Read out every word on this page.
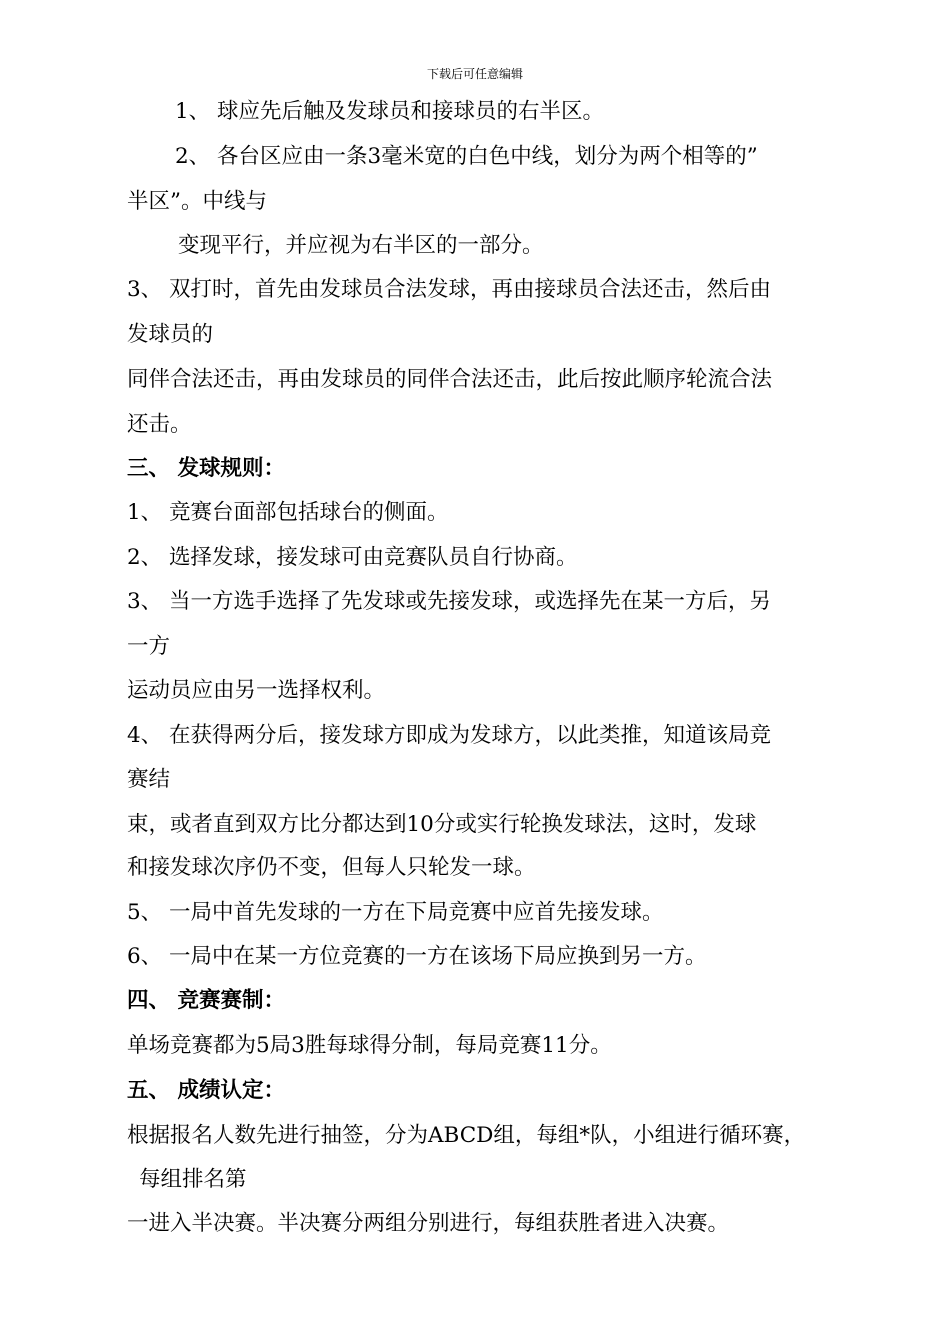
下载后可任意编辑
1、 球应先后触及发球员和接球员的右半区。
2、 各台区应由一条3毫米宽的白色中线，划分为两个相等的”
半区”。中线与
变现平行，并应视为右半区的一部分。
3、 双打时，首先由发球员合法发球，再由接球员合法还击，然后由
发球员的
同伴合法还击，再由发球员的同伴合法还击，此后按此顺序轮流合法
还击。
三、 发球规则：
1、 竞赛台面部包括球台的侧面。
2、 选择发球，接发球可由竞赛队员自行协商。
3、 当一方选手选择了先发球或先接发球，或选择先在某一方后，另
一方
运动员应由另一选择权利。
4、 在获得两分后，接发球方即成为发球方，以此类推，知道该局竞
赛结
束，或者直到双方比分都达到10分或实行轮换发球法，这时，发球
和接发球次序仍不变，但每人只轮发一球。
5、 一局中首先发球的一方在下局竞赛中应首先接发球。
6、 一局中在某一方位竞赛的一方在该场下局应换到另一方。
四、 竞赛赛制：
单场竞赛都为5局3胜每球得分制，每局竞赛11分。
五、 成绩认定：
根据报名人数先进行抽签，分为ABCD组，每组*队，小组进行循环赛，
每组排名第
一进入半决赛。半决赛分两组分别进行，每组获胜者进入决赛。
